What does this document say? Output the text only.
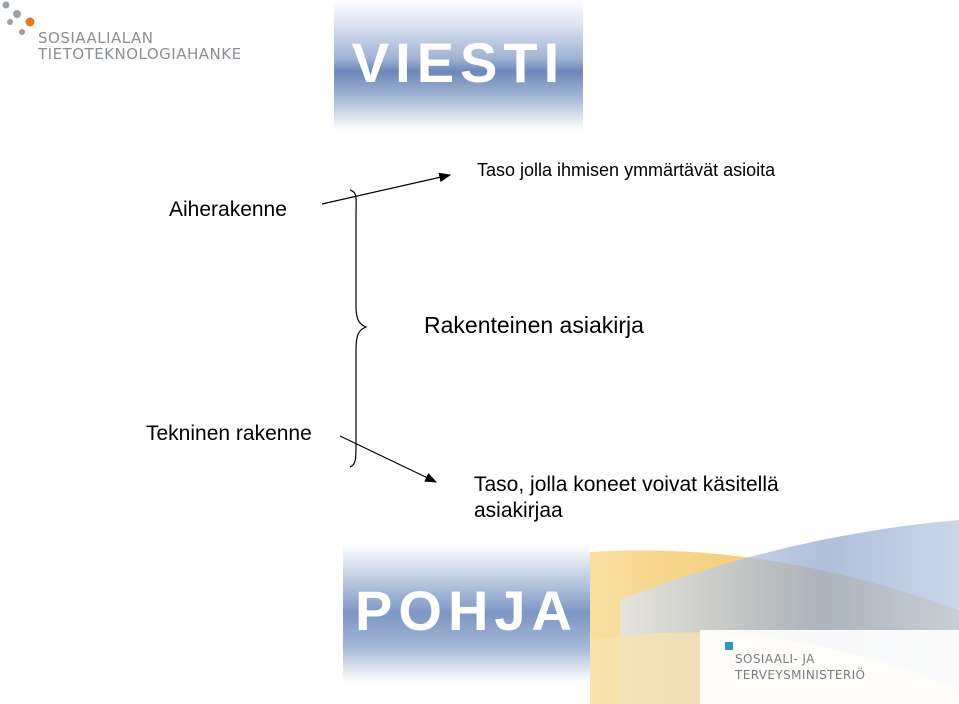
SOSIAALIALAN
TIETOTEKNOLOGIAHANKE	VIESTI
Aiherakenne
Taso jolla ihmisen ymmärtävät asioita
Rakenteinen asiakirja
Tekninen rakenne
Taso, jolla koneet voivat käsitellä asiakirjaa
POHJA
SOSIAALI- JA
TERVEYSMINISTERIÖ
